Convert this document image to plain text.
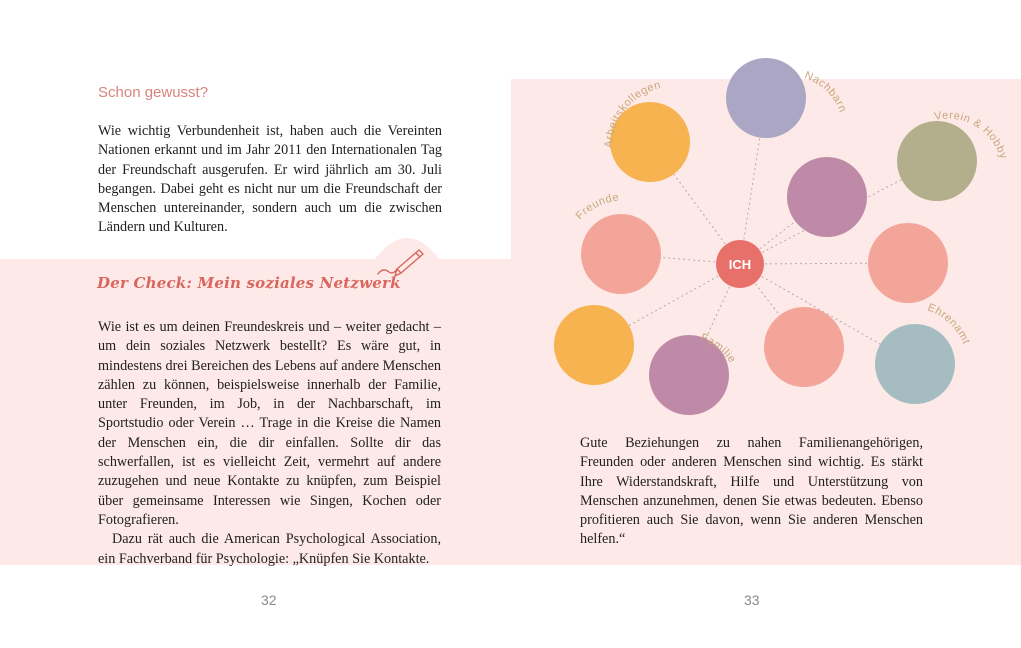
Schon gewusst?

Wie wichtig Verbundenheit ist, haben auch die Vereinten Nationen erkannt und im Jahr 2011 den Internationalen Tag der Freundschaft ausgerufen. Er wird jährlich am 30. Juli begangen. Dabei geht es nicht nur um die Freundschaft der Menschen untereinander, sondern auch um die zwischen Ländern und Kulturen.

Der Check: Mein soziales Netzwerk

Wie ist es um deinen Freundeskreis und – weiter gedacht – um dein soziales Netzwerk bestellt? Es wäre gut, in mindestens drei Bereichen des Lebens auf andere Menschen zählen zu können, beispielsweise innerhalb der Familie, unter Freunden, im Job, in der Nachbarschaft, im Sportstudio oder Verein … Trage in die Kreise die Namen der Menschen ein, die dir einfallen. Sollte dir das schwerfallen, ist es vielleicht Zeit, vermehrt auf andere zuzugehen und neue Kontakte zu knüpfen, zum Beispiel über gemeinsame Interessen wie Singen, Kochen oder Fotografieren.

Dazu rät auch die American Psychological Association, ein Fachverband für Psychologie: „Knüpfen Sie Kontakte.

32
ICH
Arbeitskollegen
Nachbarn
Verein & Hobby
Freunde
Familie
Ehrenamt

Gute Beziehungen zu nahen Familienangehörigen, Freunden oder anderen Menschen sind wichtig. Es stärkt Ihre Widerstandskraft, Hilfe und Unterstützung von Menschen anzunehmen, denen Sie etwas bedeuten. Ebenso profitieren auch Sie davon, wenn Sie anderen Menschen helfen.“

33
